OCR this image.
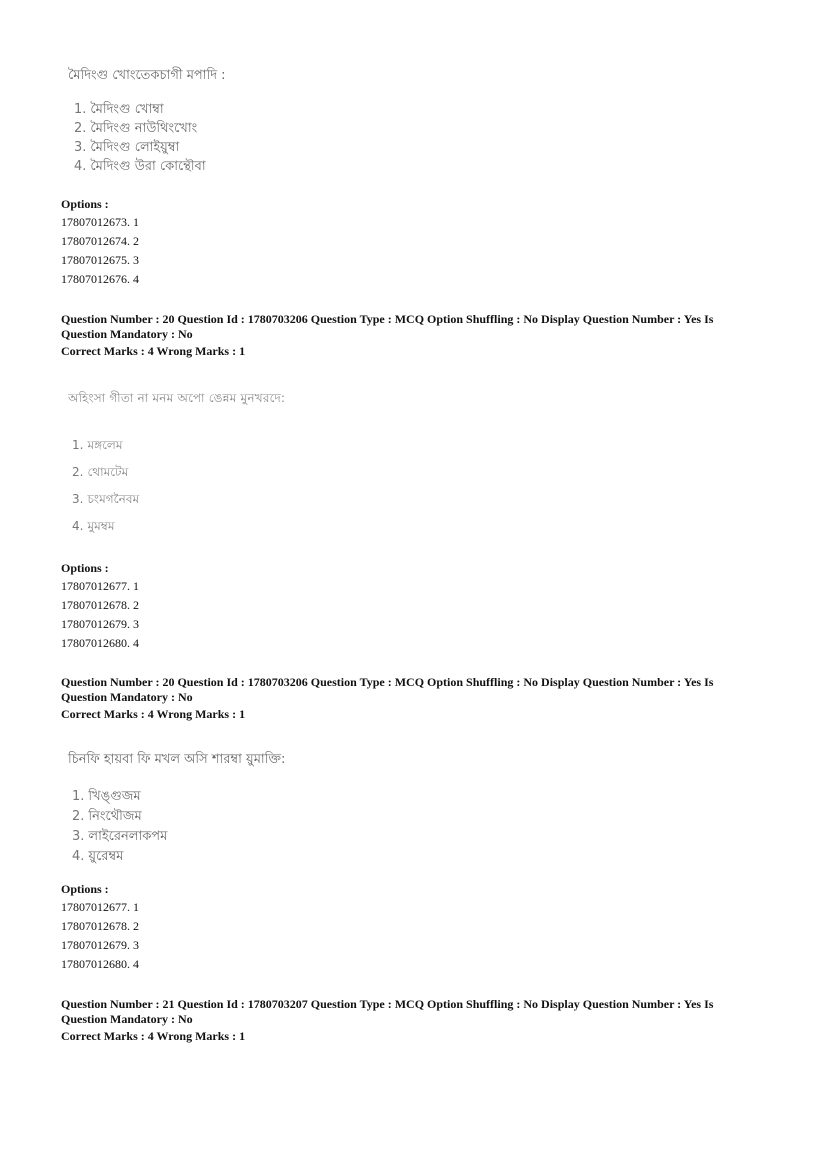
মৈদিংগু খোংতেকচাগী মপাদি :
1. মৈদিংগু খোম্বা
2. মৈদিংগু নাউথিংখোং
3. মৈদিংগু লোইয়ুম্বা
4. মৈদিংগু উরা কোন্থৌবা
Options :
17807012673. 1
17807012674. 2
17807012675. 3
17807012676. 4
Question Number : 20 Question Id : 1780703206 Question Type : MCQ Option Shuffling : No Display Question Number : Yes Is
Question Mandatory : No
Correct Marks : 4 Wrong Marks : 1
অহিংসা গীতা না মনম অপো ঙেন্নম মুনখরদে:
1. মঙ্গলেম
2. থোমটেম
3. চংমগনৈবম
4. মুমম্বম
Options :
17807012677. 1
17807012678. 2
17807012679. 3
17807012680. 4
Question Number : 20 Question Id : 1780703206 Question Type : MCQ Option Shuffling : No Display Question Number : Yes Is
Question Mandatory : No
Correct Marks : 4 Wrong Marks : 1
চিনফি হায়বা ফি মখল অসি শারম্বা য়ুমাক্তি:
1. খিঙ্গুজম
2. নিংথৌজম
3. লাইরেনলাকপম
4. য়ুরেম্বম
Options :
17807012677. 1
17807012678. 2
17807012679. 3
17807012680. 4
Question Number : 21 Question Id : 1780703207 Question Type : MCQ Option Shuffling : No Display Question Number : Yes Is
Question Mandatory : No
Correct Marks : 4 Wrong Marks : 1
